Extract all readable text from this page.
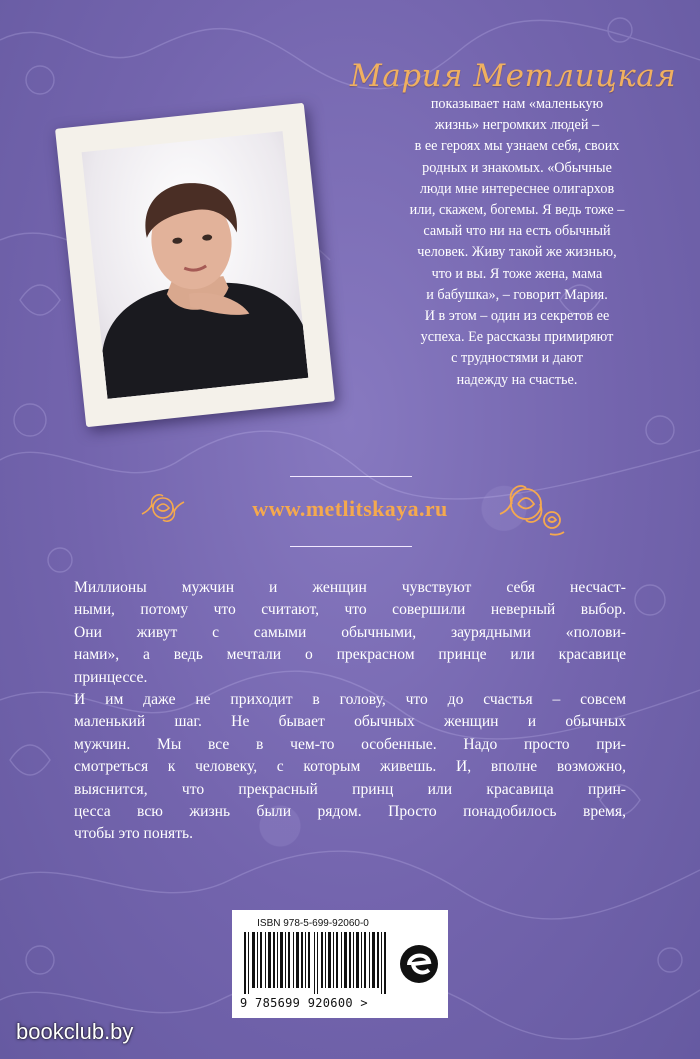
Мария Метлицкая
показывает нам «маленькую
жизнь» негромких людей –
в ее героях мы узнаем себя, своих
родных и знакомых. «Обычные
люди мне интереснее олигархов
или, скажем, богемы. Я ведь тоже –
самый что ни на есть обычный
человек. Живу такой же жизнью,
что и вы. Я тоже жена, мама
и бабушка», – говорит Мария.
И в этом – один из секретов ее
успеха. Ее рассказы примиряют
с трудностями и дают
надежду на счастье.
www.metlitskaya.ru
Миллионы мужчин и женщин чувствуют себя несчаст-
ными, потому что считают, что совершили неверный выбор.
Они живут с самыми обычными, заурядными «полови-
нами», а ведь мечтали о прекрасном принце или красавице
принцессе.
И им даже не приходит в голову, что до счастья – совсем
маленький шаг. Не бывает обычных женщин и обычных
мужчин. Мы все в чем-то особенные. Надо просто при-
смотреться к человеку, с которым живешь. И, вполне возможно,
выяснится, что прекрасный принц или красавица прин-
цесса всю жизнь были рядом. Просто понадобилось время,
чтобы это понять.
ISBN 978-5-699-92060-0
9 785699 920600 >
bookclub.by
